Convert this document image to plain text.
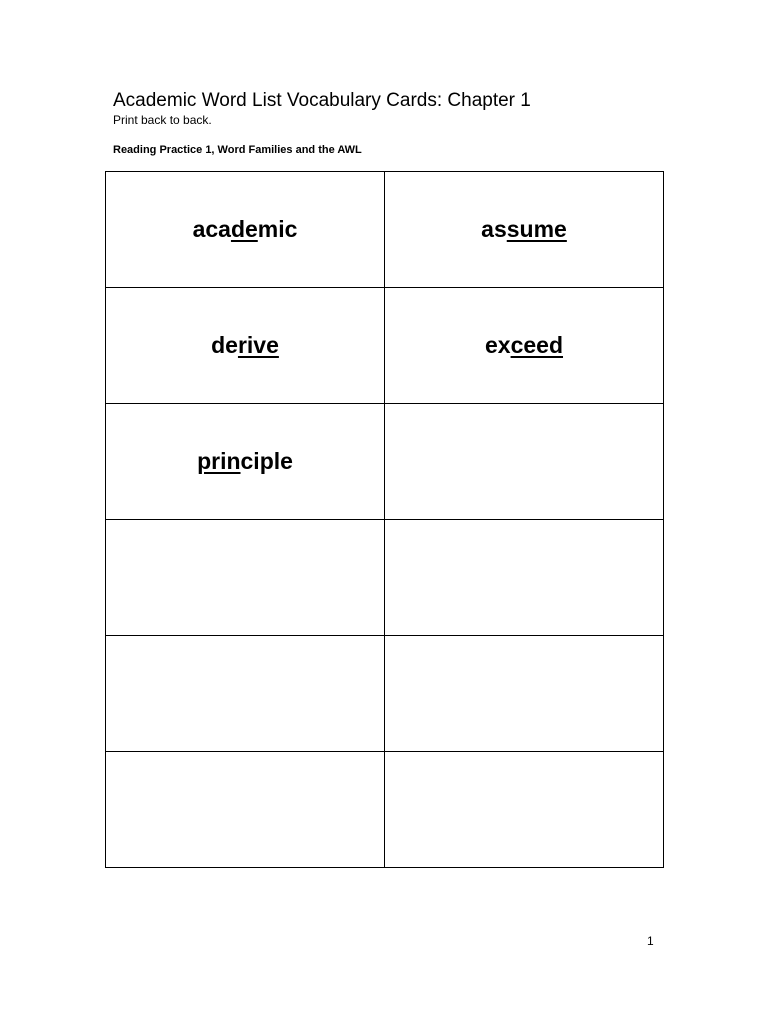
Academic Word List Vocabulary Cards: Chapter 1
Print back to back.
Reading Practice 1, Word Families and the AWL
academic	assume

derive	exceed

principle	

1
